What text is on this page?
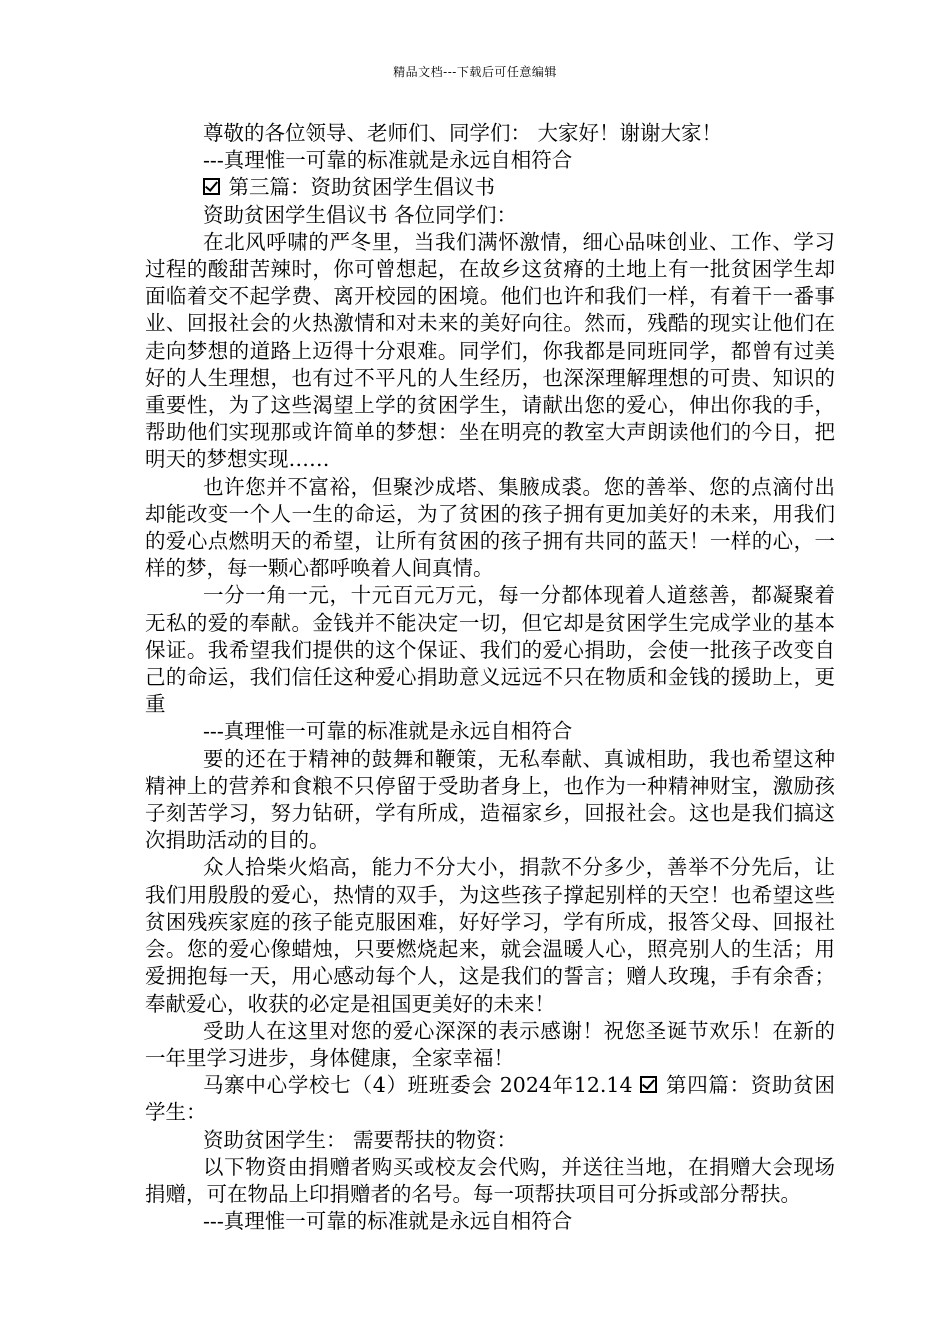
精品文档---下载后可任意编辑

尊敬的各位领导、老师们、同学们： 大家好！谢谢大家！

---真理惟一可靠的标准就是永远自相符合

第三篇：资助贫困学生倡议书

资助贫困学生倡议书 各位同学们：

在北风呼啸的严冬里，当我们满怀激情，细心品味创业、工作、学习过程的酸甜苦辣时，你可曾想起，在故乡这贫瘠的土地上有一批贫困学生却面临着交不起学费、离开校园的困境。他们也许和我们一样，有着干一番事业、回报社会的火热激情和对未来的美好向往。然而，残酷的现实让他们在走向梦想的道路上迈得十分艰难。同学们，你我都是同班同学，都曾有过美好的人生理想，也有过不平凡的人生经历，也深深理解理想的可贵、知识的重要性，为了这些渴望上学的贫困学生，请献出您的爱心，伸出你我的手，帮助他们实现那或许简单的梦想：坐在明亮的教室大声朗读他们的今日，把明天的梦想实现……

也许您并不富裕，但聚沙成塔、集腋成裘。您的善举、您的点滴付出却能改变一个人一生的命运，为了贫困的孩子拥有更加美好的未来，用我们的爱心点燃明天的希望，让所有贫困的孩子拥有共同的蓝天！一样的心，一样的梦，每一颗心都呼唤着人间真情。

一分一角一元，十元百元万元，每一分都体现着人道慈善，都凝聚着无私的爱的奉献。金钱并不能决定一切，但它却是贫困学生完成学业的基本保证。我希望我们提供的这个保证、我们的爱心捐助，会使一批孩子改变自己的命运，我们信任这种爱心捐助意义远远不只在物质和金钱的援助上，更重

---真理惟一可靠的标准就是永远自相符合

要的还在于精神的鼓舞和鞭策，无私奉献、真诚相助，我也希望这种精神上的营养和食粮不只停留于受助者身上，也作为一种精神财宝，激励孩子刻苦学习，努力钻研，学有所成，造福家乡，回报社会。这也是我们搞这次捐助活动的目的。

众人拾柴火焰高，能力不分大小，捐款不分多少，善举不分先后，让我们用殷殷的爱心，热情的双手，为这些孩子撑起别样的天空！也希望这些贫困残疾家庭的孩子能克服困难，好好学习，学有所成，报答父母、回报社会。您的爱心像蜡烛，只要燃烧起来，就会温暖人心，照亮别人的生活；用爱拥抱每一天，用心感动每个人，这是我们的誓言；赠人玫瑰，手有余香；奉献爱心，收获的必定是祖国更美好的未来！

受助人在这里对您的爱心深深的表示感谢！祝您圣诞节欢乐！在新的一年里学习进步，身体健康，全家幸福！

马寨中心学校七（4）班班委会 2024年12.14 第四篇：资助贫困学生：

资助贫困学生： 需要帮扶的物资：

以下物资由捐赠者购买或校友会代购，并送往当地，在捐赠大会现场捐赠，可在物品上印捐赠者的名号。每一项帮扶项目可分拆或部分帮扶。

---真理惟一可靠的标准就是永远自相符合
